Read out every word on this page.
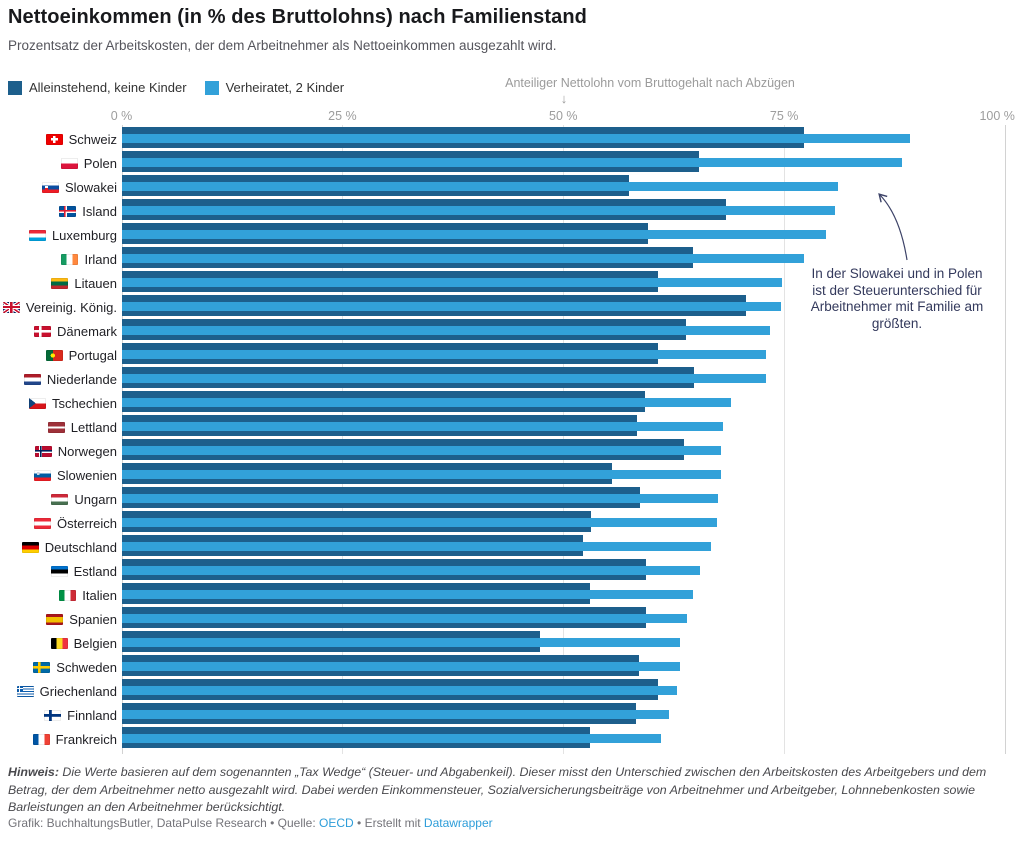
Nettoeinkommen (in % des Bruttolohns) nach Familienstand
Prozentsatz der Arbeitskosten, der dem Arbeitnehmer als Nettoeinkommen ausgezahlt wird.
Alleinstehend, keine Kinder	Verheiratet, 2 Kinder	Anteiliger Nettolohn vom Bruttogehalt nach Abzügen
↓
0 %	25 %	50 %	75 %	100 %
Schweiz
Polen
Slowakei
Island
Luxemburg
Irland
Litauen
Vereinig. König.
Dänemark
Portugal
Niederlande
Tschechien
Lettland
Norwegen
Slowenien
Ungarn
Österreich
Deutschland
Estland
Italien
Spanien
Belgien
Schweden
Griechenland
Finnland
Frankreich
In der Slowakei und in Polen ist der Steuerunterschied für Arbeitnehmer mit Familie am größten.
Hinweis: Die Werte basieren auf dem sogenannten „Tax Wedge“ (Steuer- und Abgabenkeil). Dieser misst den Unterschied zwischen den Arbeitskosten des Arbeitgebers und dem Betrag, der dem Arbeitnehmer netto ausgezahlt wird. Dabei werden Einkommensteuer, Sozialversicherungsbeiträge von Arbeitnehmer und Arbeitgeber, Lohnnebenkosten sowie Barleistungen an den Arbeitnehmer berücksichtigt.
Grafik: BuchhaltungsButler, DataPulse Research • Quelle: OECD • Erstellt mit Datawrapper
